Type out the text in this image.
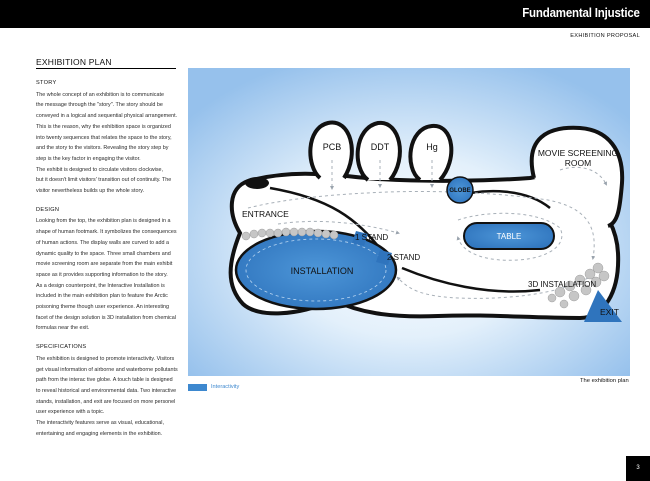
Fundamental Injustice
EXHIBITION PROPOSAL
EXHIBITION PLAN
STORY
The whole concept of an exhibition is to communicate
the message through the "story". The story should be
conveyed in a logical and sequential physical arrangement.
This is the reason, why the exhibition space is organized
into twenty sequences that relates the space to the story,
and the story to the visitors. Revealing the story step by
step is the key factor in engaging the visitor.
The exhibit is designed to circulate visitors clockwise,
but it doesn't limit visitors' transition out of continuity. The
visitor nevertheless builds up the whole story.
DESIGN
Looking from the top, the exhibition plan is designed in a
shape of human footmark. It symbolizes the consequences
of human actions. The display walls are curved to add a
dynamic quality to the space. Three small chambers and
movie screening room are separate from the main exhibit
space as it provides supporting information to the story.
As a design counterpoint, the Interactive Installation is
included in the main exhibition plan to feature the Arctic
poisoning theme though user experience. An interesting
facet of the design solution is 3D installation from chemical
formulas near the exit.
SPECIFICATIONS
The exhibition is designed to promote interactivity. Visitors
get visual information of airborne and waterborne pollutants
path from the interac tive globe. A touch table is designed
to reveal historical and environmental data. Two interactive
stands, installation, and exit are focused on more personel
user experience with a topic.
The interactivity features serve as visual, educational,
entertaining and engaging elements in the exhibition.
PCB	DDT	Hg
GLOBE
MOVIE SCREENING
ROOM
ENTRANCE
TABLE
1 STAND
2 STAND
INSTALLATION
3D INSTALLATION
EXIT
Interactivity
The exhibition plan
3
